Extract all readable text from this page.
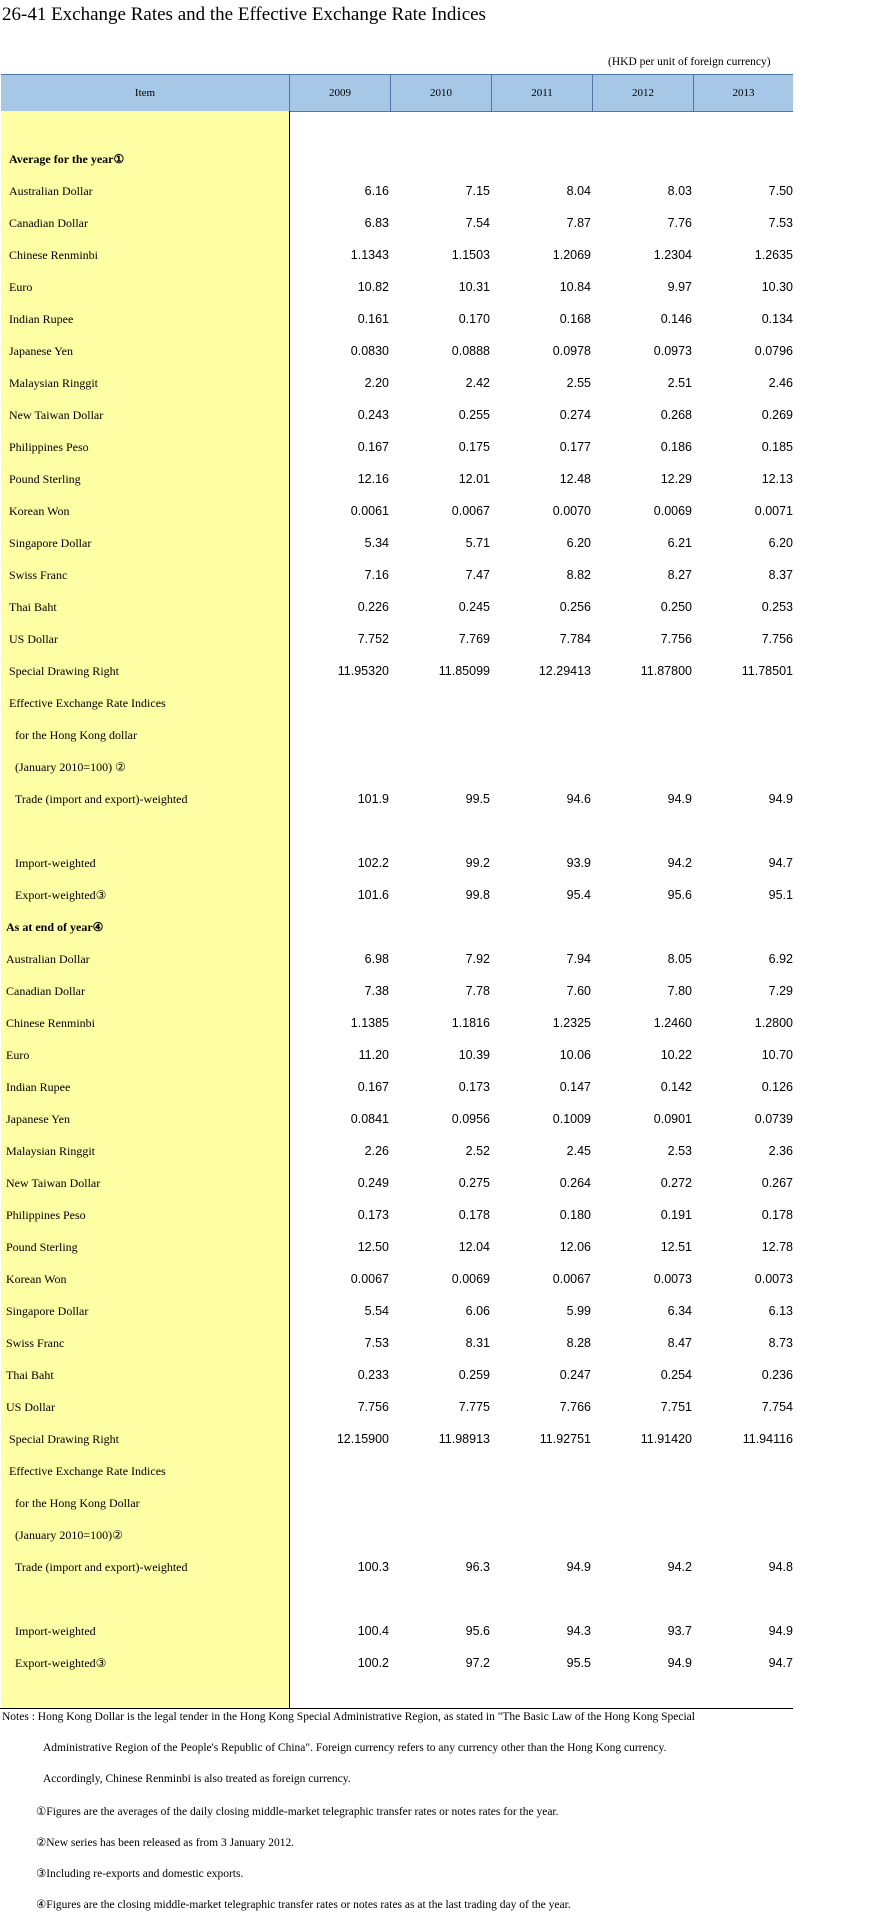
26-41 Exchange Rates and the Effective Exchange Rate Indices
(HKD per unit of foreign currency)
Item	2009	2010	2011	2012	2013
Average for the year①
Australian Dollar	6.16	7.15	8.04	8.03	7.50
Canadian Dollar	6.83	7.54	7.87	7.76	7.53
Chinese Renminbi	1.1343	1.1503	1.2069	1.2304	1.2635
Euro	10.82	10.31	10.84	9.97	10.30
Indian Rupee	0.161	0.170	0.168	0.146	0.134
Japanese Yen	0.0830	0.0888	0.0978	0.0973	0.0796
Malaysian Ringgit	2.20	2.42	2.55	2.51	2.46
New Taiwan Dollar	0.243	0.255	0.274	0.268	0.269
Philippines Peso	0.167	0.175	0.177	0.186	0.185
Pound Sterling	12.16	12.01	12.48	12.29	12.13
Korean Won	0.0061	0.0067	0.0070	0.0069	0.0071
Singapore Dollar	5.34	5.71	6.20	6.21	6.20
Swiss Franc	7.16	7.47	8.82	8.27	8.37
Thai Baht	0.226	0.245	0.256	0.250	0.253
US Dollar	7.752	7.769	7.784	7.756	7.756
Special Drawing Right	11.95320	11.85099	12.29413	11.87800	11.78501
Effective Exchange Rate Indices
for the Hong Kong dollar
(January 2010=100) ②
Trade (import and export)-weighted	101.9	99.5	94.6	94.9	94.9
Import-weighted	102.2	99.2	93.9	94.2	94.7
Export-weighted③	101.6	99.8	95.4	95.6	95.1
As at end of year④
Australian Dollar	6.98	7.92	7.94	8.05	6.92
Canadian Dollar	7.38	7.78	7.60	7.80	7.29
Chinese Renminbi	1.1385	1.1816	1.2325	1.2460	1.2800
Euro	11.20	10.39	10.06	10.22	10.70
Indian Rupee	0.167	0.173	0.147	0.142	0.126
Japanese Yen	0.0841	0.0956	0.1009	0.0901	0.0739
Malaysian Ringgit	2.26	2.52	2.45	2.53	2.36
New Taiwan Dollar	0.249	0.275	0.264	0.272	0.267
Philippines Peso	0.173	0.178	0.180	0.191	0.178
Pound Sterling	12.50	12.04	12.06	12.51	12.78
Korean Won	0.0067	0.0069	0.0067	0.0073	0.0073
Singapore Dollar	5.54	6.06	5.99	6.34	6.13
Swiss Franc	7.53	8.31	8.28	8.47	8.73
Thai Baht	0.233	0.259	0.247	0.254	0.236
US Dollar	7.756	7.775	7.766	7.751	7.754
Special Drawing Right	12.15900	11.98913	11.92751	11.91420	11.94116
Effective Exchange Rate Indices
for the Hong Kong Dollar
(January 2010=100)②
Trade (import and export)-weighted	100.3	96.3	94.9	94.2	94.8
Import-weighted	100.4	95.6	94.3	93.7	94.9
Export-weighted③	100.2	97.2	95.5	94.9	94.7
Notes : Hong Kong Dollar is the legal tender in the Hong Kong Special Administrative Region, as stated in "The Basic Law of the Hong Kong Special
Administrative Region of the People's Republic of China". Foreign currency refers to any currency other than the Hong Kong currency.
Accordingly, Chinese Renminbi is also treated as foreign currency.
①Figures are the averages of the daily closing middle-market telegraphic transfer rates or notes rates for the year.
②New series has been released as from 3 January 2012.
③Including re-exports and domestic exports.
④Figures are the closing middle-market telegraphic transfer rates or notes rates as at the last trading day of the year.
